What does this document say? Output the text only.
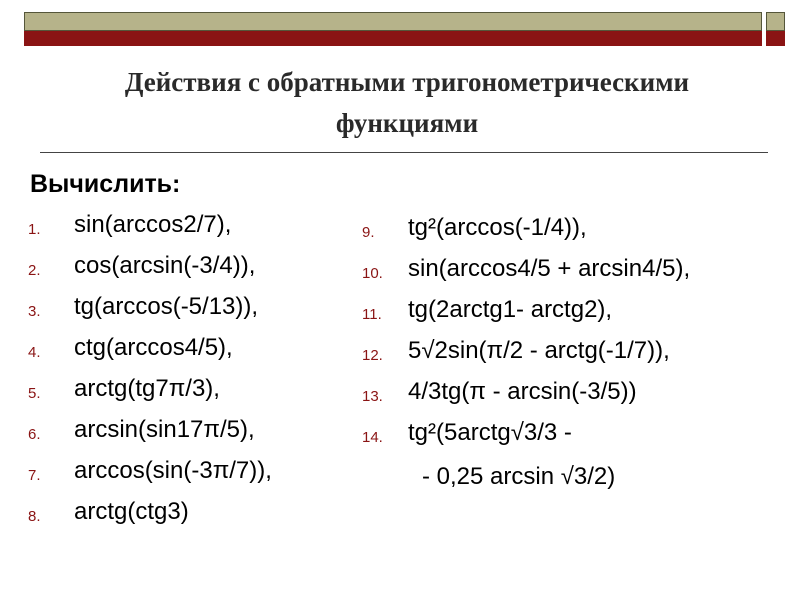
Действия с обратными тригонометрическими
функциями
Вычислить:
1. sin(arccos2/7),
2. cos(arcsin(-3/4)),
3. tg(arccos(-5/13)),
4. ctg(arccos4/5),
5. arctg(tg7π/3),
6. arcsin(sin17π/5),
7. arccos(sin(-3π/7)),
8. arctg(ctg3)
9. tg²(arccos(-1/4)),
10. sin(arccos4/5 + arcsin4/5),
11. tg(2arctg1- arctg2),
12. 5√2sin(π/2 - arctg(-1/7)),
13. 4/3tg(π - arcsin(-3/5))
14. tg²(5arctg√3/3 -
- 0,25 arcsin √3/2)
